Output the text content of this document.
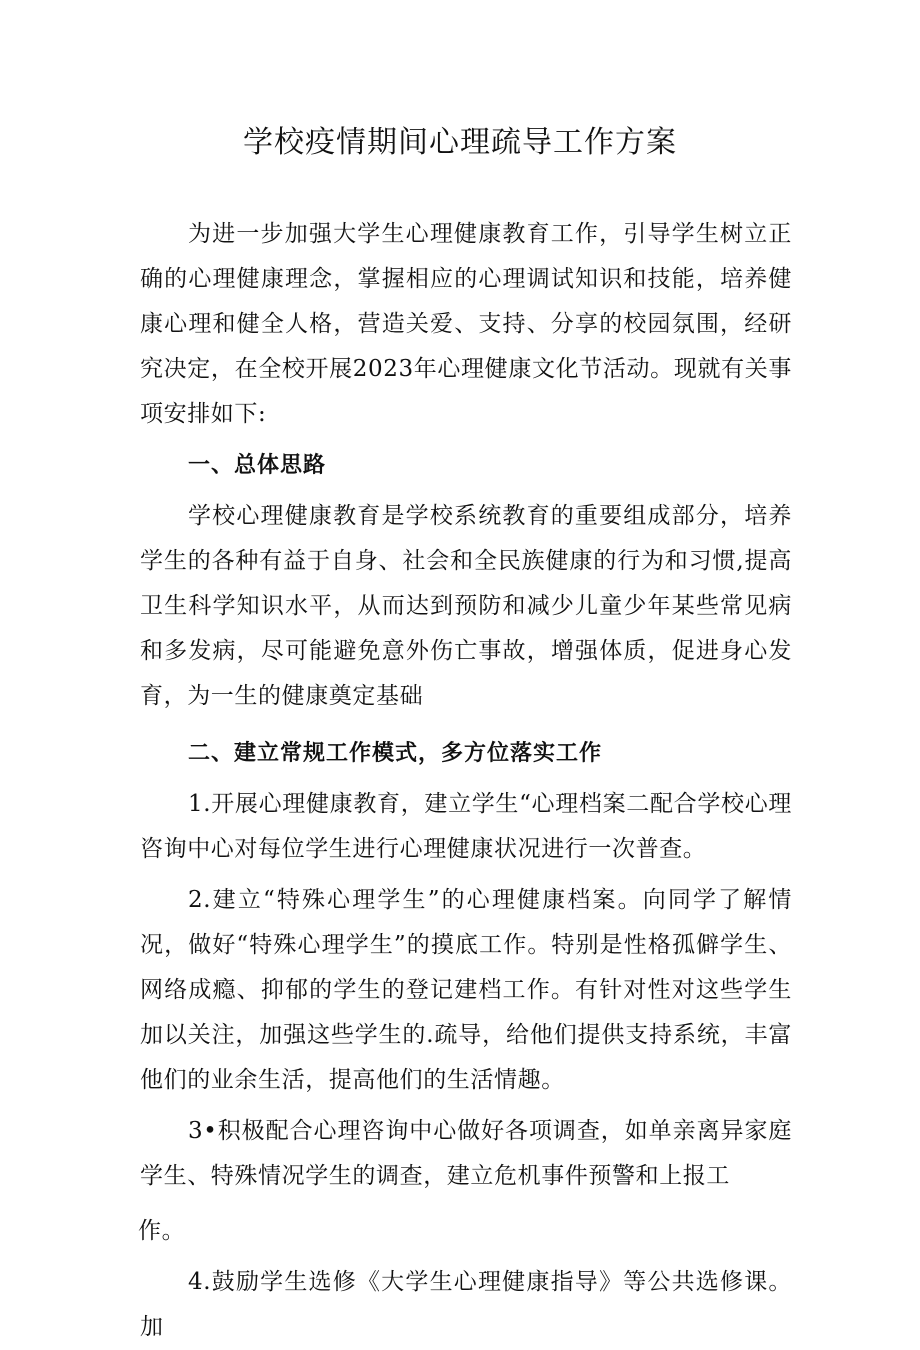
学校疫情期间心理疏导工作方案

为进一步加强大学生心理健康教育工作，引导学生树立正确的心理健康理念，掌握相应的心理调试知识和技能，培养健康心理和健全人格，营造关爱、支持、分享的校园氛围，经研究决定，在全校开展2023年心理健康文化节活动。现就有关事项安排如下:

一、总体思路

学校心理健康教育是学校系统教育的重要组成部分，培养学生的各种有益于自身、社会和全民族健康的行为和习惯,提高卫生科学知识水平，从而达到预防和减少儿童少年某些常见病和多发病，尽可能避免意外伤亡事故，增强体质，促进身心发育，为一生的健康奠定基础

二、建立常规工作模式，多方位落实工作

1.开展心理健康教育，建立学生“心理档案二配合学校心理咨询中心对每位学生进行心理健康状况进行一次普查。

2.建立“特殊心理学生”的心理健康档案。向同学了解情况，做好“特殊心理学生”的摸底工作。特别是性格孤僻学生、网络成瘾、抑郁的学生的登记建档工作。有针对性对这些学生加以关注，加强这些学生的.疏导，给他们提供支持系统，丰富他们的业余生活，提高他们的生活情趣。

3•积极配合心理咨询中心做好各项调查，如单亲离异家庭学生、特殊情况学生的调查，建立危机事件预警和上报工

作。

4.鼓励学生选修《大学生心理健康指导》等公共选修课。加
